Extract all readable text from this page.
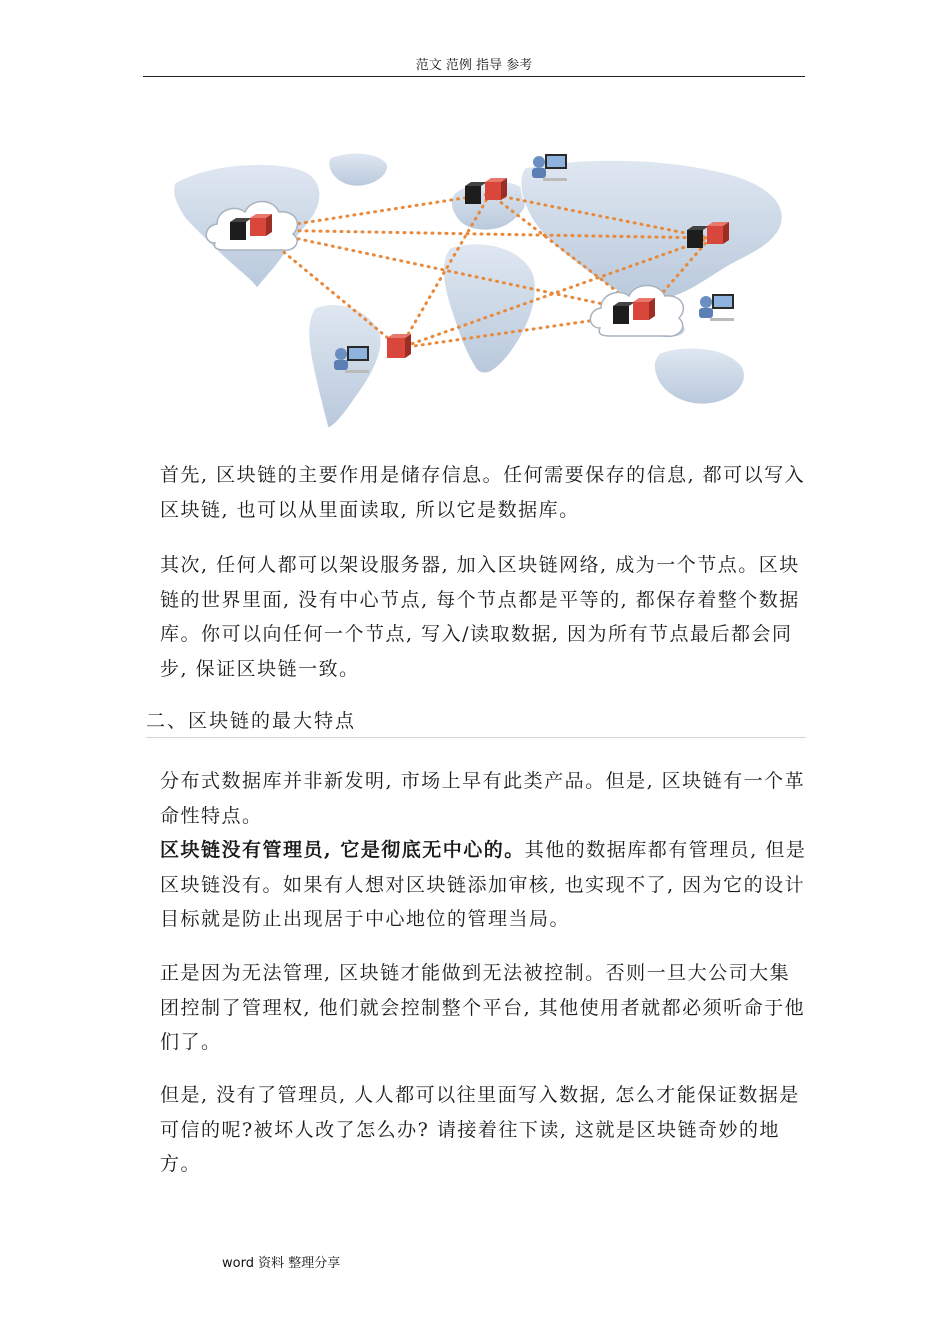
范文 范例 指导 参考
首先, 区块链的主要作用是储存信息。任何需要保存的信息, 都可以写入区块链, 也可以从里面读取, 所以它是数据库。
其次, 任何人都可以架设服务器, 加入区块链网络, 成为一个节点。区块链的世界里面, 没有中心节点, 每个节点都是平等的, 都保存着整个数据库。你可以向任何一个节点, 写入/读取数据, 因为所有节点最后都会同步, 保证区块链一致。
二、区块链的最大特点
分布式数据库并非新发明, 市场上早有此类产品。但是, 区块链有一个革命性特点。
区块链没有管理员, 它是彻底无中心的。其他的数据库都有管理员, 但是区块链没有。如果有人想对区块链添加审核, 也实现不了, 因为它的设计目标就是防止出现居于中心地位的管理当局。
正是因为无法管理, 区块链才能做到无法被控制。否则一旦大公司大集团控制了管理权, 他们就会控制整个平台, 其他使用者就都必须听命于他们了。
但是, 没有了管理员, 人人都可以往里面写入数据, 怎么才能保证数据是可信的呢?被坏人改了怎么办? 请接着往下读, 这就是区块链奇妙的地方。
word 资料 整理分享
